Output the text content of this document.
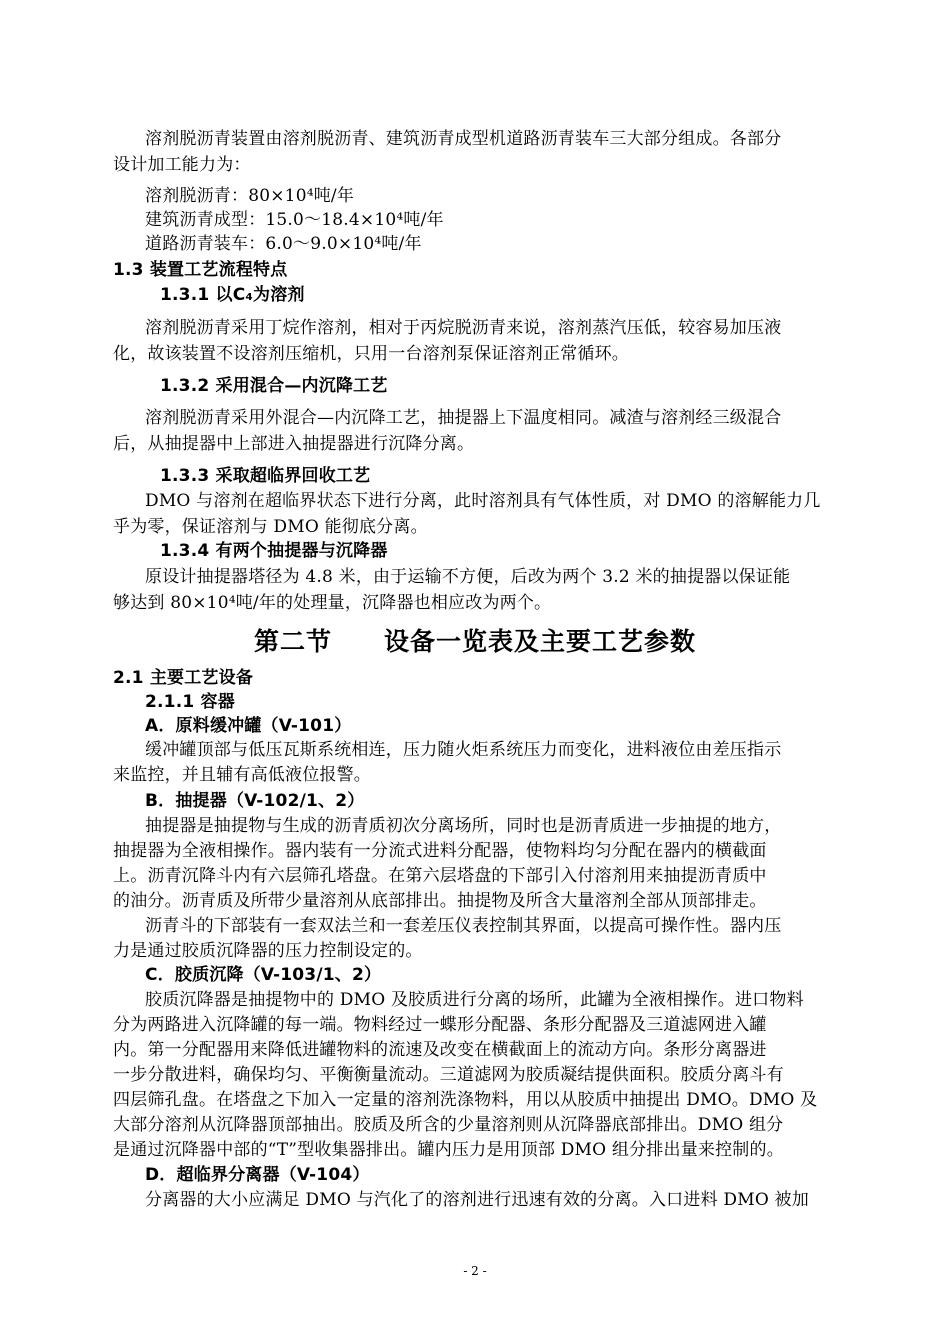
溶剂脱沥青装置由溶剂脱沥青、建筑沥青成型机道路沥青装车三大部分组成。各部分
设计加工能力为：
溶剂脱沥青：80×10⁴吨/年
建筑沥青成型：15.0～18.4×10⁴吨/年
道路沥青装车：6.0～9.0×10⁴吨/年
1.3 装置工艺流程特点
1.3.1 以C₄为溶剂
溶剂脱沥青采用丁烷作溶剂，相对于丙烷脱沥青来说，溶剂蒸汽压低，较容易加压液
化，故该装置不设溶剂压缩机，只用一台溶剂泵保证溶剂正常循环。
1.3.2 采用混合—内沉降工艺
溶剂脱沥青采用外混合—内沉降工艺，抽提器上下温度相同。减渣与溶剂经三级混合
后，从抽提器中上部进入抽提器进行沉降分离。
1.3.3 采取超临界回收工艺
DMO 与溶剂在超临界状态下进行分离，此时溶剂具有气体性质，对 DMO 的溶解能力几
乎为零，保证溶剂与 DMO 能彻底分离。
1.3.4 有两个抽提器与沉降器
原设计抽提器塔径为 4.8 米，由于运输不方便，后改为两个 3.2 米的抽提器以保证能
够达到 80×10⁴吨/年的处理量，沉降器也相应改为两个。
第二节　　设备一览表及主要工艺参数
2.1 主要工艺设备
2.1.1 容器
A．原料缓冲罐（V-101）
缓冲罐顶部与低压瓦斯系统相连，压力随火炬系统压力而变化，进料液位由差压指示
来监控，并且辅有高低液位报警。
B．抽提器（V-102/1、2）
抽提器是抽提物与生成的沥青质初次分离场所，同时也是沥青质进一步抽提的地方，
抽提器为全液相操作。器内装有一分流式进料分配器，使物料均匀分配在器内的横截面
上。沥青沉降斗内有六层筛孔塔盘。在第六层塔盘的下部引入付溶剂用来抽提沥青质中
的油分。沥青质及所带少量溶剂从底部排出。抽提物及所含大量溶剂全部从顶部排走。
沥青斗的下部装有一套双法兰和一套差压仪表控制其界面，以提高可操作性。器内压
力是通过胶质沉降器的压力控制设定的。
C．胶质沉降（V-103/1、2）
胶质沉降器是抽提物中的 DMO 及胶质进行分离的场所，此罐为全液相操作。进口物料
分为两路进入沉降罐的每一端。物料经过一蝶形分配器、条形分配器及三道滤网进入罐
内。第一分配器用来降低进罐物料的流速及改变在横截面上的流动方向。条形分离器进
一步分散进料，确保均匀、平衡衡量流动。三道滤网为胶质凝结提供面积。胶质分离斗有
四层筛孔盘。在塔盘之下加入一定量的溶剂洗涤物料，用以从胶质中抽提出 DMO。DMO 及
大部分溶剂从沉降器顶部抽出。胶质及所含的少量溶剂则从沉降器底部排出。DMO 组分
是通过沉降器中部的“T”型收集器排出。罐内压力是用顶部 DMO 组分排出量来控制的。
D．超临界分离器（V-104）
分离器的大小应满足 DMO 与汽化了的溶剂进行迅速有效的分离。入口进料 DMO 被加
- 2 -
